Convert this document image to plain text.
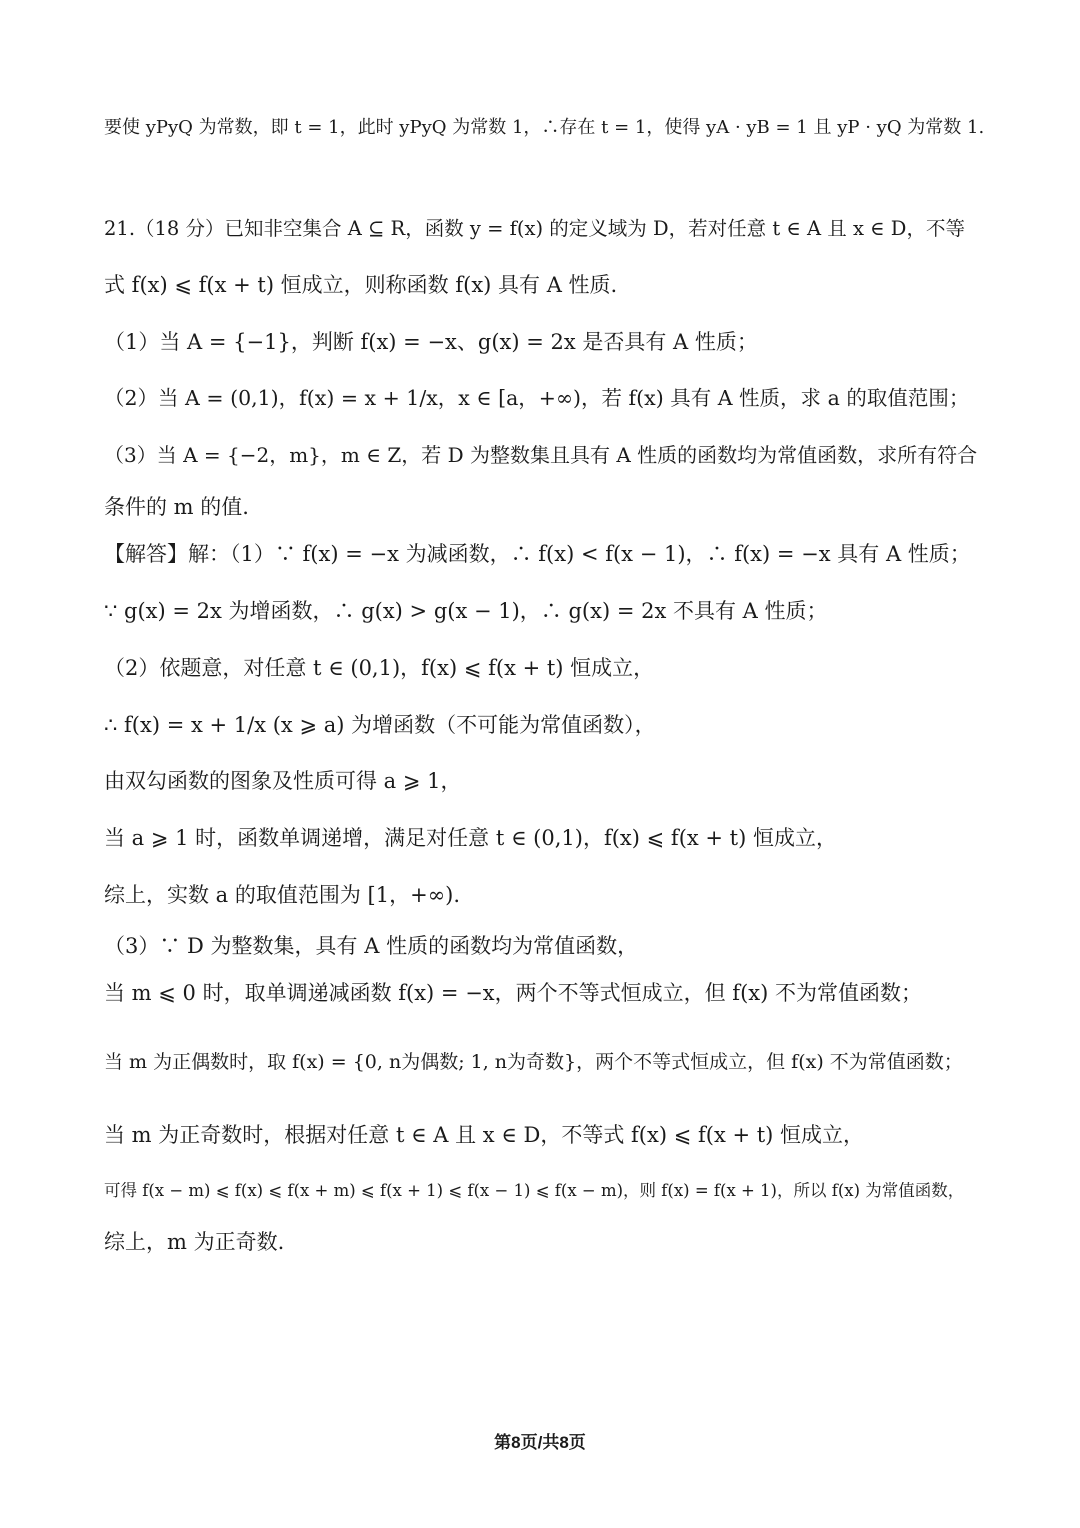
要使 yPyQ 为常数，即 t = 1，此时 yPyQ 为常数 1，∴存在 t = 1，使得 yA · yB = 1 且 yP · yQ 为常数 1.
21.（18 分）已知非空集合 A ⊆ R，函数 y = f(x) 的定义域为 D，若对任意 t ∈ A 且 x ∈ D，不等
式 f(x) ⩽ f(x + t) 恒成立，则称函数 f(x) 具有 A 性质.
（1）当 A = {−1}，判断 f(x) = −x、g(x) = 2x 是否具有 A 性质；
（2）当 A = (0,1)，f(x) = x + 1/x，x ∈ [a，+∞)，若 f(x) 具有 A 性质，求 a 的取值范围；
（3）当 A = {−2，m}，m ∈ Z，若 D 为整数集且具有 A 性质的函数均为常值函数，求所有符合
条件的 m 的值.
【解答】解：（1）∵ f(x) = −x 为减函数，∴ f(x) < f(x − 1)，∴ f(x) = −x 具有 A 性质；
∵ g(x) = 2x 为增函数，∴ g(x) > g(x − 1)，∴ g(x) = 2x 不具有 A 性质；
（2）依题意，对任意 t ∈ (0,1)，f(x) ⩽ f(x + t) 恒成立，
∴ f(x) = x + 1/x (x ⩾ a) 为增函数（不可能为常值函数），
由双勾函数的图象及性质可得 a ⩾ 1，
当 a ⩾ 1 时，函数单调递增，满足对任意 t ∈ (0,1)，f(x) ⩽ f(x + t) 恒成立，
综上，实数 a 的取值范围为 [1，+∞).
（3）∵ D 为整数集，具有 A 性质的函数均为常值函数，
当 m ⩽ 0 时，取单调递减函数 f(x) = −x，两个不等式恒成立，但 f(x) 不为常值函数；
当 m 为正偶数时，取 f(x) = {0, n为偶数; 1, n为奇数}，两个不等式恒成立，但 f(x) 不为常值函数；
当 m 为正奇数时，根据对任意 t ∈ A 且 x ∈ D，不等式 f(x) ⩽ f(x + t) 恒成立，
可得 f(x − m) ⩽ f(x) ⩽ f(x + m) ⩽ f(x + 1) ⩽ f(x − 1) ⩽ f(x − m)，则 f(x) = f(x + 1)，所以 f(x) 为常值函数，
综上，m 为正奇数.
第8页/共8页
